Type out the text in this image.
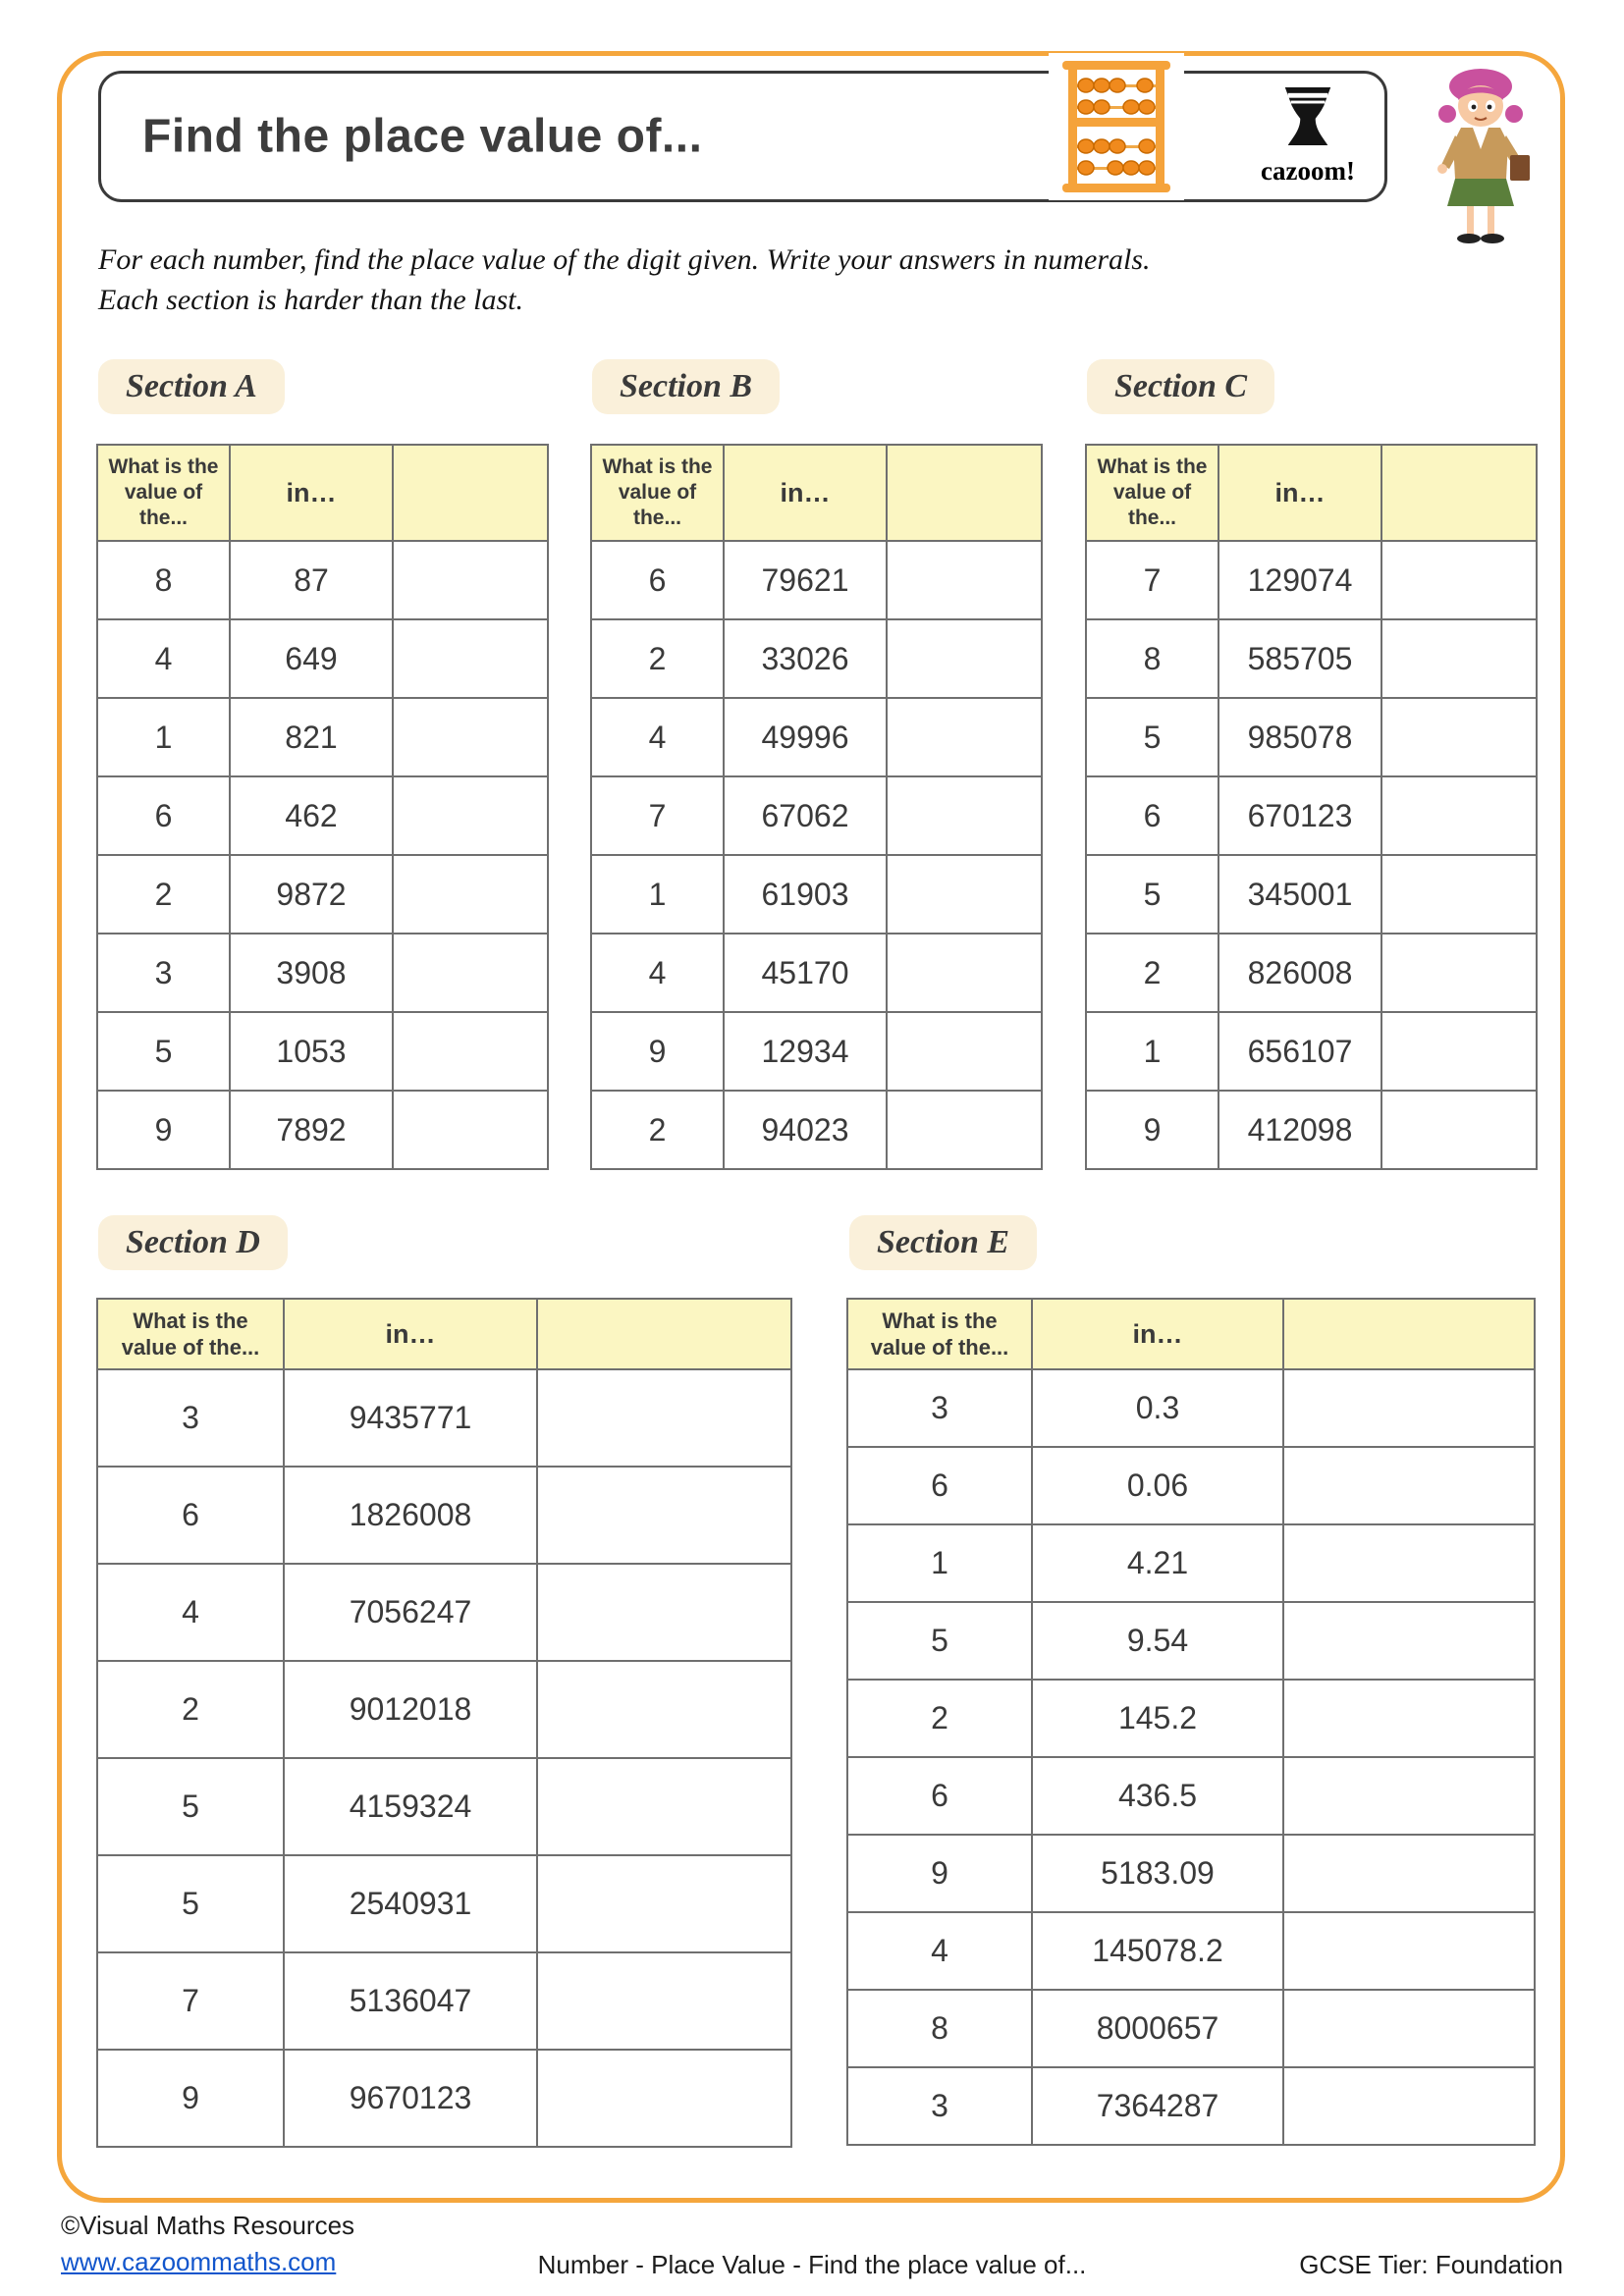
Find the place value of...
cazoom!
For each number, find the place value of the digit given. Write your answers in numerals.
Each section is harder than the last.
Section A	Section B	Section C
Section D	Section E
What is the value of the...	in…	
8	87	
4	649	
1	821	
6	462	
2	9872	
3	3908	
5	1053	
9	7892	
What is the value of the...	in…	
6	79621	
2	33026	
4	49996	
7	67062	
1	61903	
4	45170	
9	12934	
2	94023	
What is the value of the...	in…	
7	129074	
8	585705	
5	985078	
6	670123	
5	345001	
2	826008	
1	656107	
9	412098	
What is the value of the...	in…	
3	9435771	
6	1826008	
4	7056247	
2	9012018	
5	4159324	
5	2540931	
7	5136047	
9	9670123	
What is the value of the...	in…	
3	0.3	
6	0.06	
1	4.21	
5	9.54	
2	145.2	
6	436.5	
9	5183.09	
4	145078.2	
8	8000657	
3	7364287	
©Visual Maths Resources
www.cazoommaths.com	Number - Place Value - Find the place value of...	GCSE Tier: Foundation
